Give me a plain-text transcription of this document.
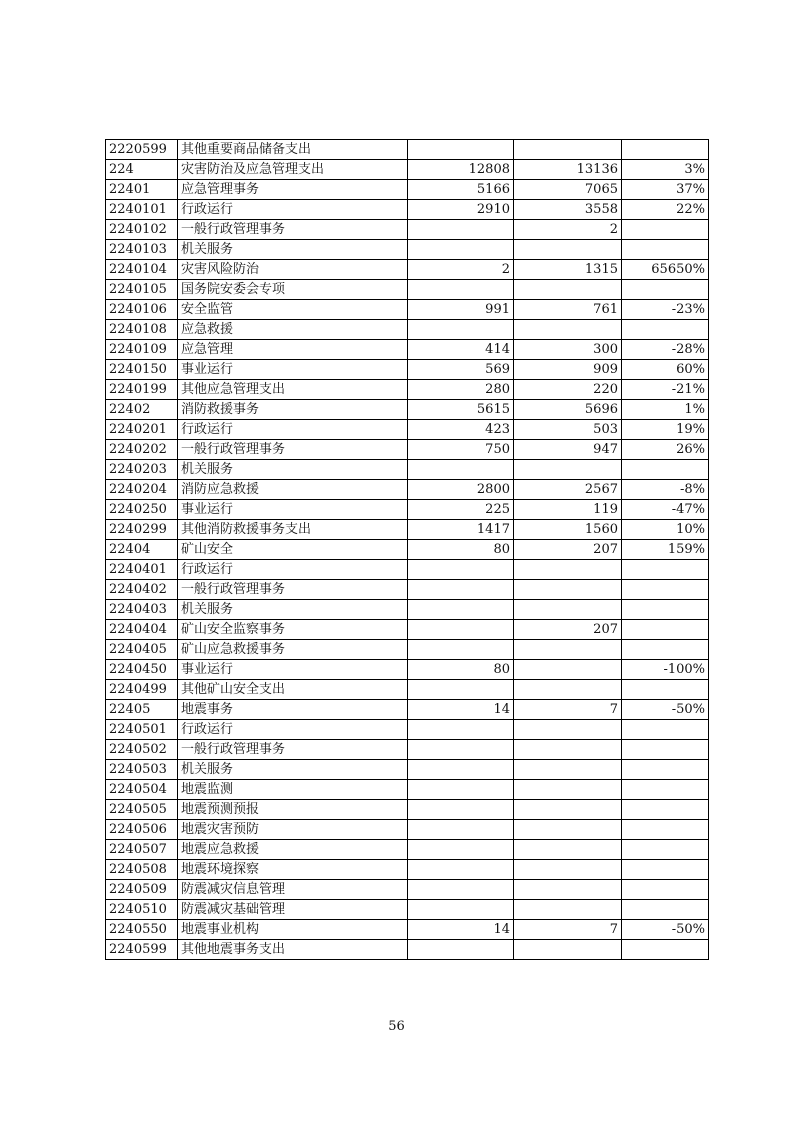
2220599	其他重要商品储备支出			
224	灾害防治及应急管理支出	12808	13136	3%
22401	应急管理事务	5166	7065	37%
2240101	行政运行	2910	3558	22%
2240102	一般行政管理事务		2	
2240103	机关服务			
2240104	灾害风险防治	2	1315	65650%
2240105	国务院安委会专项			
2240106	安全监管	991	761	-23%
2240108	应急救援			
2240109	应急管理	414	300	-28%
2240150	事业运行	569	909	60%
2240199	其他应急管理支出	280	220	-21%
22402	消防救援事务	5615	5696	1%
2240201	行政运行	423	503	19%
2240202	一般行政管理事务	750	947	26%
2240203	机关服务			
2240204	消防应急救援	2800	2567	-8%
2240250	事业运行	225	119	-47%
2240299	其他消防救援事务支出	1417	1560	10%
22404	矿山安全	80	207	159%
2240401	行政运行			
2240402	一般行政管理事务			
2240403	机关服务			
2240404	矿山安全监察事务		207	
2240405	矿山应急救援事务			
2240450	事业运行	80		-100%
2240499	其他矿山安全支出			
22405	地震事务	14	7	-50%
2240501	行政运行			
2240502	一般行政管理事务			
2240503	机关服务			
2240504	地震监测			
2240505	地震预测预报			
2240506	地震灾害预防			
2240507	地震应急救援			
2240508	地震环境探察			
2240509	防震减灾信息管理			
2240510	防震减灾基础管理			
2240550	地震事业机构	14	7	-50%
2240599	其他地震事务支出			
56
